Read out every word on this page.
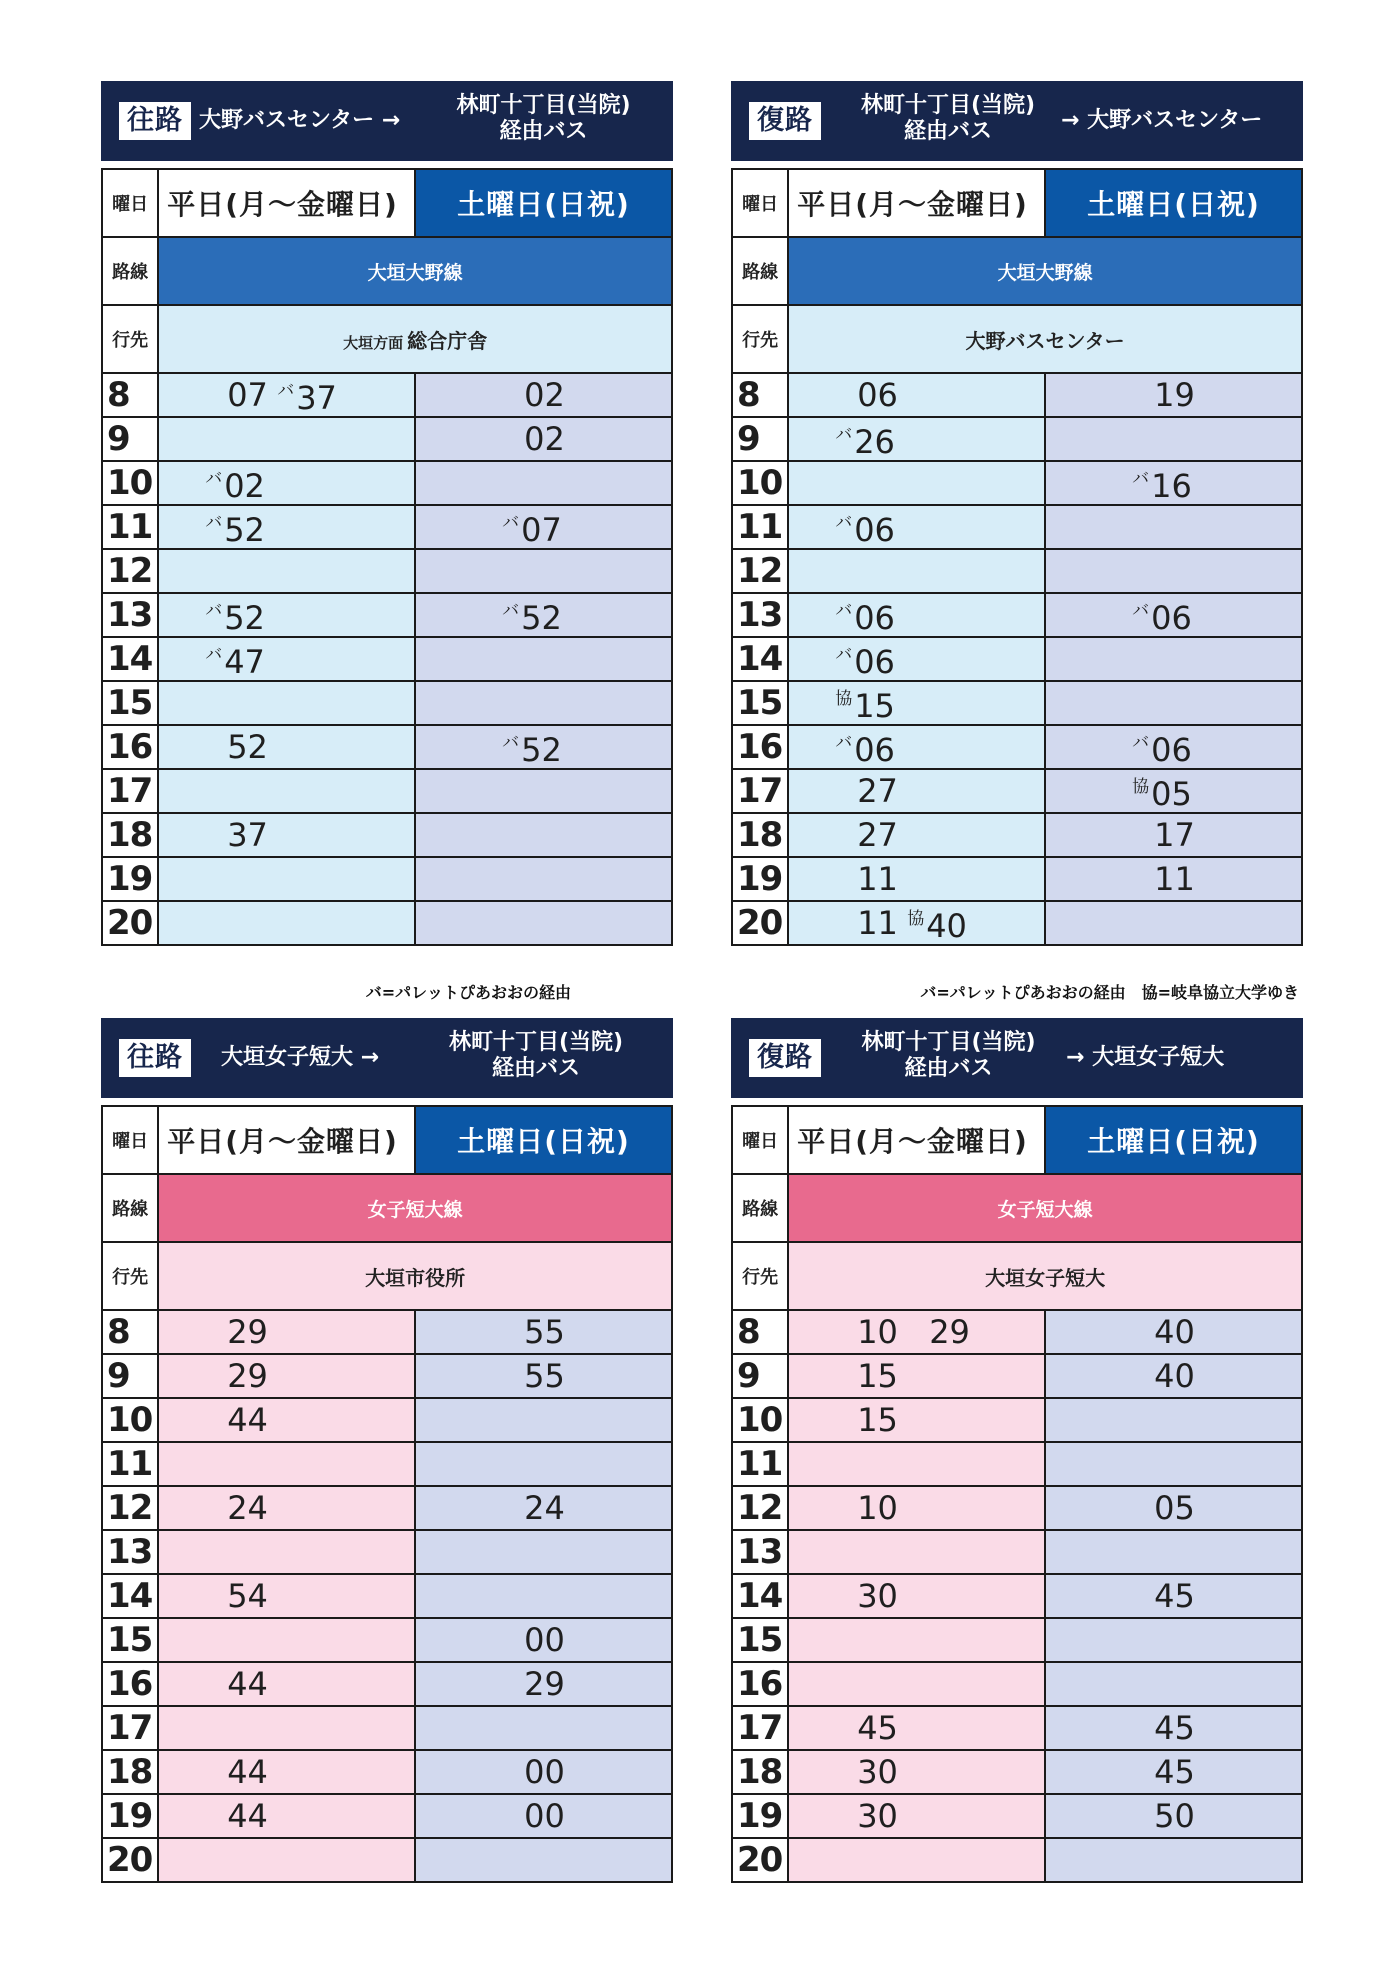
往路 大野バスセンター →
林町十丁目(当院)
経由バス
曜日	平日(月〜金曜日)	土曜日(日祝)
路線	大垣大野線	
行先	大垣方面 総合庁舎	
8	07 $^バ$37	02

9		02

10	$^バ$02	

11	$^バ$52	$^バ$07

12		
13	$^バ$52	$^バ$52

14	$^バ$47	

15		
16	52	$^バ$52

17		
18	37	

19		
20		
復路	林町十丁目(当院)
経由バス	→ 大野バスセンター
曜日	平日(月〜金曜日)	土曜日(日祝)
路線	大垣大野線	
行先	大野バスセンター	
8	06	19

9	$^バ$26	

10		$^バ$16

11	$^バ$06	

12		
13	$^バ$06	$^バ$06

14	$^バ$06	

15	$^協$15	

16	$^バ$06	$^バ$06

17	27	$^協$05

18	27	17

19	11	11

20	11 $^協$40	

往路	大垣女子短大 →
林町十丁目(当院)
経由バス
曜日	平日(月〜金曜日)	土曜日(日祝)
路線	女子短大線	
行先	大垣市役所	
8	29	55

9	29	55

10	44	

11		
12	24	24

13		
14	54	

15		00

16	44	29

17		
18	44	00

19	44	00

20		
復路	林町十丁目(当院)
経由バス	→ 大垣女子短大
曜日	平日(月〜金曜日)	土曜日(日祝)
路線	女子短大線	
行先	大垣女子短大	
8	10 29	40

9	15	40

10	15	

11		
12	10	05

13		
14	30	45

15		
16		
17	45	45

18	30	45

19	30	50

20		
バ=パレットぴあおおの経由	バ=パレットぴあおおの経由　協=岐阜協立大学ゆき
